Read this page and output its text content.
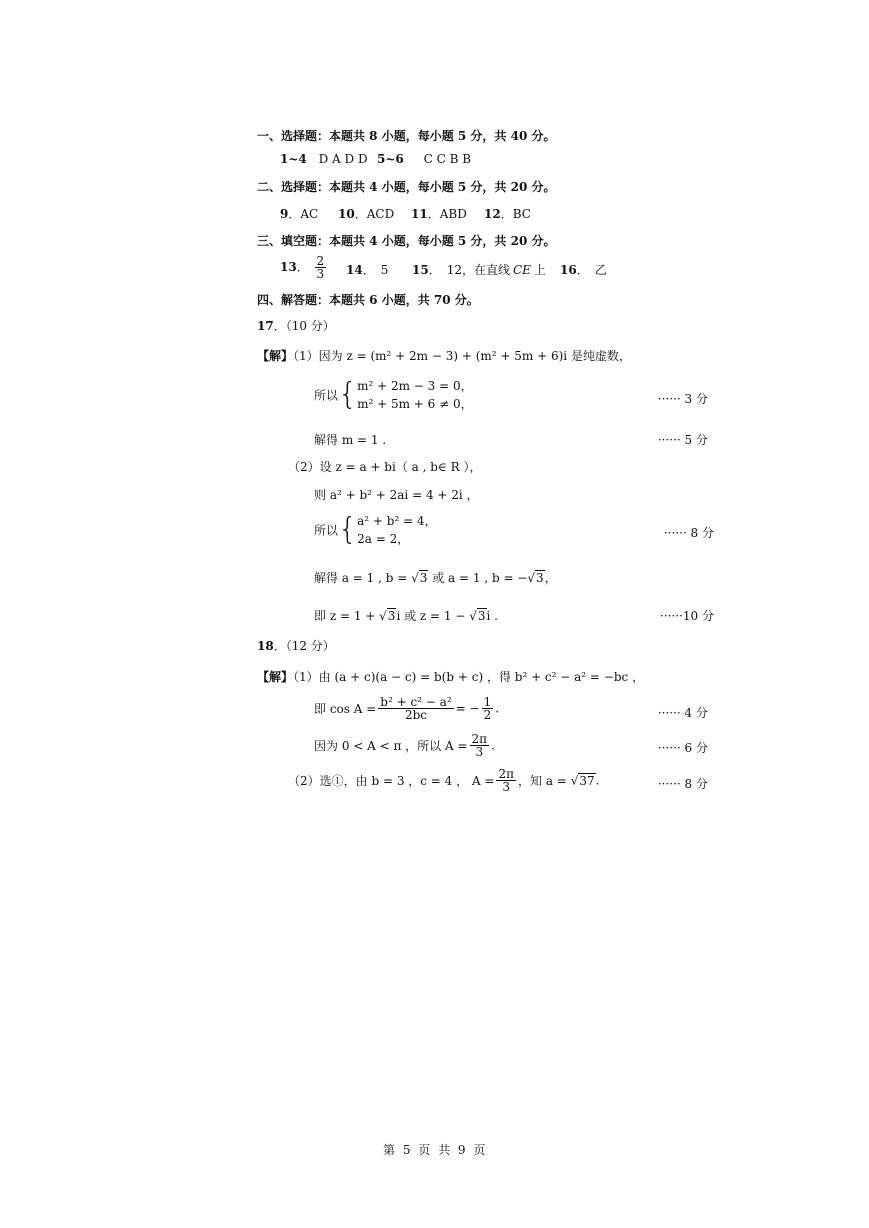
一、选择题：本题共 8 小题，每小题 5 分，共 40 分。
1~4 D A D D 5~6 C C B B
二、选择题：本题共 4 小题，每小题 5 分，共 20 分。
9．AC 10．ACD 11．ABD 12．BC
三、填空题：本题共 4 小题，每小题 5 分，共 20 分。
13． $\frac{2}{3} 14$． 5 15． 12，在直线 CE 上 16． 乙
四、解答题：本题共 6 小题，共 70 分。
17．（10 分）
【解】（1）因为 z = (m² + 2m − 3) + (m² + 5m + 6)i 是纯虚数，
所以{ m² + 2m − 3 = 0，
m² + 5m + 6 ≠ 0，	······ 3 分
解得 m = 1 .	······ 5 分
（2）设 z = a + bi（ a , b∈ R ），
则 a² + b² + 2ai = 4 + 2i ，
所以{ a² + b² = 4，
2a = 2，	······ 8 分
解得 a = 1 , b = √3 或 a = 1 , b = −√3，
即 z = 1 + √3i 或 z = 1 − √3i .	······10 分
18．（12 分）
【解】（1）由 (a + c)(a − c) = b(b + c) ，得 b² + c² − a² = −bc ，
即 $\cos A = \frac{\text{b² + c² − a²}}{2bc}$ = − $\frac{1}{2}$ .	······ 4 分
因为 0 < A < π ，所以 $A = \frac{2\pi}{3}$ .	······ 6 分
（2）选①，由 b = 3 ，c = 4 ， $A = \frac{2\pi}{3}$ ，知 a = √37.	······ 8 分
第 5 页 共 9 页
